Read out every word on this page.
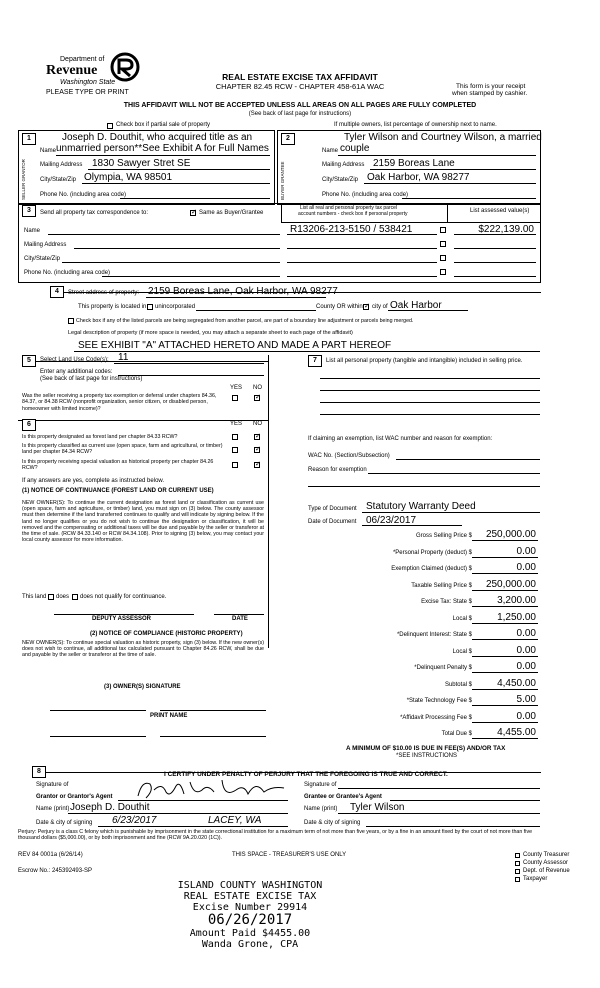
Department of
Revenue
Washington State
PLEASE TYPE OR PRINT
REAL ESTATE EXCISE TAX AFFIDAVIT
CHAPTER 82.45 RCW - CHAPTER 458-61A WAC	This form is your receipt
when stamped by cashier.
THIS AFFIDAVIT WILL NOT BE ACCEPTED UNLESS ALL AREAS ON ALL PAGES ARE FULLY COMPLETED
(See back of last page for instructions)
Check box if partial sale of property	If multiple owners, list percentage of ownership next to name.
1	2
SELLER GRANTOR	BUYER GRANTEE
Joseph D. Douthit, who acquired title as an
Name unmarried person**See Exhibit A for Full Names
Mailing Address 1830 Sawyer Stret SE
City/State/Zip Olympia, WA 98501
Phone No. (including area code)
Tyler Wilson and Courtney Wilson, a married
Name couple
Mailing Address 2159 Boreas Lane
City/State/Zip Oak Harbor, WA 98277
Phone No. (including area code)
3	Send all property tax correspondence to:	✓ Same as Buyer/Grantee
List all real and personal property tax parcel
account numbers - check box if personal property	List assessed value(s)
Name
Mailing Address
City/State/Zip
Phone No. (including area code)
R13206-213-5150 / 538421	$222,139.00
4	Street address of property: 2159 Boreas Lane, Oak Harbor, WA 98277
This property is located in unincorporated	County OR within ✓ city of Oak Harbor
Check box if any of the listed parcels are being segregated from another parcel, are part of a boundary line adjustment or parcels being merged.
Legal description of property (if more space is needed, you may attach a separate sheet to each page of the affidavit)
SEE EXHIBIT "A" ATTACHED HERETO AND MADE A PART HEREOF
5	Select Land Use Code(s): 11
Enter any additional codes:
(See back of last page for instructions)
YES NO
Was the seller receiving a property tax exemption or deferral under chapters 84.36, 84.37, or 84.38 RCW (nonprofit organization, senior citizen, or disabled person, homeowner with limited income)?
✓
7	List all personal property (tangible and intangible) included in selling price.
6	YES NO
Is this property designated as forest land per chapter 84.33 RCW?	✓
Is this property classified as current use (open space, farm and agricultural, or timber) land per chapter 84.34 RCW?	✓
Is this property receiving special valuation as historical property per chapter 84.26 RCW?
✓
If any answers are yes, complete as instructed below.
(1) NOTICE OF CONTINUANCE (FOREST LAND OR CURRENT USE)
NEW OWNER(S): To continue the current designation as forest land or classification as current use (open space, farm and agriculture, or timber) land, you must sign on (3) below. The county assessor must then determine if the land transferred continues to qualify and will indicate by signing below. If the land no longer qualifies or you do not wish to continue the designation or classification, it will be removed and the compensating or additional taxes will be due and payable by the seller or transferor at the time of sale. (RCW 84.33.140 or RCW 84.34.108). Prior to signing (3) below, you may contact your local county assessor for more information.
This land does does not qualify for continuance.
DEPUTY ASSESSOR	DATE
(2) NOTICE OF COMPLIANCE (HISTORIC PROPERTY)
NEW OWNER(S): To continue special valuation as historic property, sign (3) below. If the new owner(s) does not wish to continue, all additional tax calculated pursuant to Chapter 84.26 RCW, shall be due and payable by the seller or transferor at the time of sale.
(3) OWNER(S) SIGNATURE
PRINT NAME
If claiming an exemption, list WAC number and reason for exemption:
WAC No. (Section/Subsection)
Reason for exemption
Type of Document Statutory Warranty Deed
Date of Document 06/23/2017
Gross Selling Price $	250,000.00
*Personal Property (deduct) $	0.00
Exemption Claimed (deduct) $	0.00
Taxable Selling Price $	250,000.00
Excise Tax: State $	3,200.00
Local $	1,250.00
*Delinquent Interest: State $	0.00
Local $	0.00
*Delinquent Penalty $	0.00
Subtotal $	4,450.00
*State Technology Fee $	5.00
*Affidavit Processing Fee $	0.00
Total Due $	4,455.00
A MINIMUM OF $10.00 IS DUE IN FEE(S) AND/OR TAX
*SEE INSTRUCTIONS
8	I CERTIFY UNDER PENALTY OF PERJURY THAT THE FOREGOING IS TRUE AND CORRECT.
Signature of
Grantor or Grantor's Agent
Name (print) Joseph D. Douthit
Date & city of signing 6/23/2017	LACEY, WA
Signature of
Grantee or Grantee's Agent
Name (print) Tyler Wilson
Date & city of signing
Perjury: Perjury is a class C felony which is punishable by imprisonment in the state correctional institution for a maximum term of not more than five years, or by a fine in an amount fixed by the court of not more than five thousand dollars ($5,000.00), or by both imprisonment and fine (RCW 9A.20.020 (1C)).
REV 84 0001a (6/26/14)	THIS SPACE - TREASURER'S USE ONLY
Escrow No.: 245392493-SP
County Treasurer
County Assessor
Dept. of Revenue
Taxpayer
ISLAND COUNTY WASHINGTON
REAL ESTATE EXCISE TAX
Excise Number 29914
06/26/2017
Amount Paid $4455.00
Wanda Grone, CPA
